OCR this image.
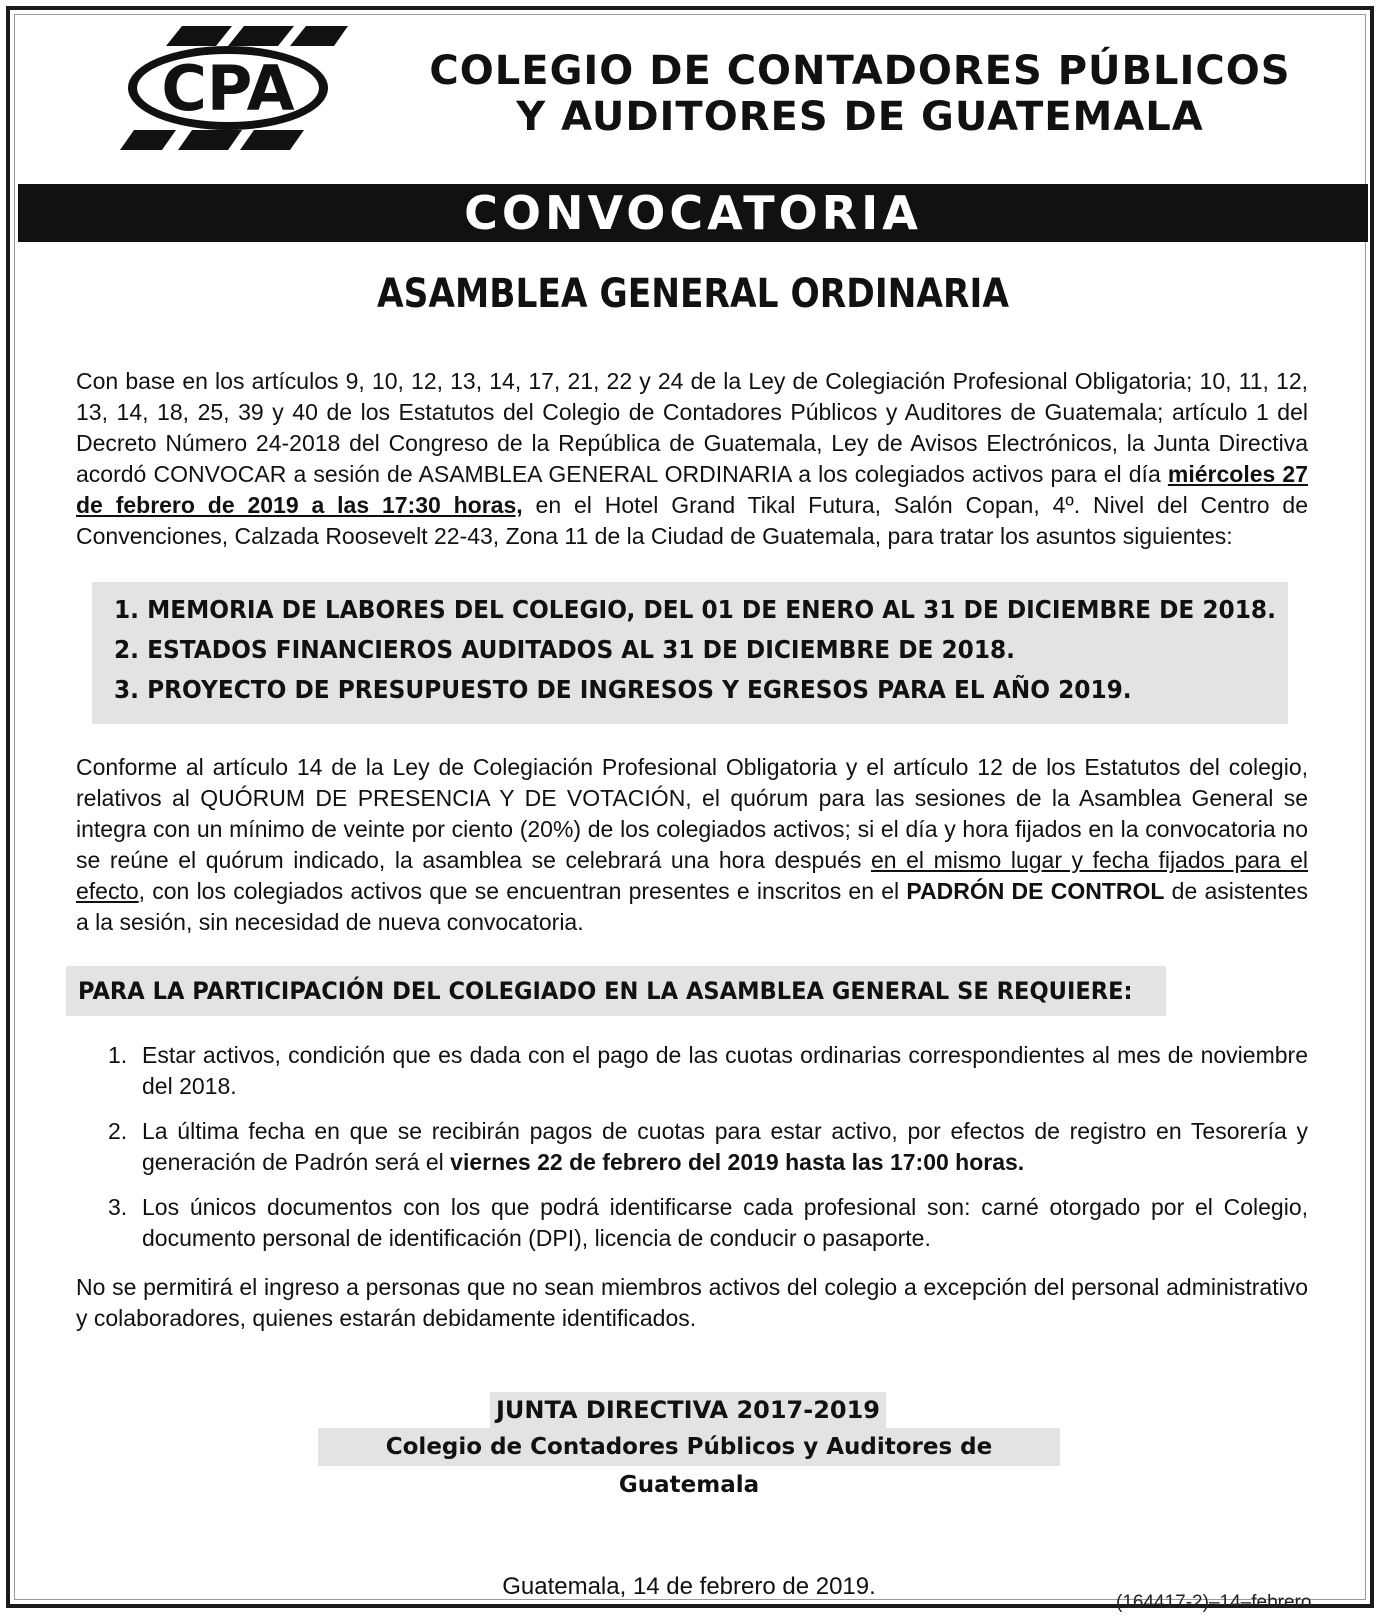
CPA	COLEGIO DE CONTADORES PÚBLICOS
Y AUDITORES DE GUATEMALA
CONVOCATORIA
ASAMBLEA GENERAL ORDINARIA

Con base en los artículos 9, 10, 12, 13, 14, 17, 21, 22 y 24 de la Ley de Colegiación Profesional Obligatoria; 10, 11, 12, 13, 14, 18, 25, 39 y 40 de los Estatutos del Colegio de Contadores Públicos y Auditores de Guatemala; artículo 1 del Decreto Número 24-2018 del Congreso de la República de Guatemala, Ley de Avisos Electrónicos, la Junta Directiva acordó CONVOCAR a sesión de ASAMBLEA GENERAL ORDINARIA a los colegiados activos para el día miércoles 27 de febrero de 2019 a las 17:30 horas, en el Hotel Grand Tikal Futura, Salón Copan, 4º. Nivel del Centro de Convenciones, Calzada Roosevelt 22-43, Zona 11 de la Ciudad de Guatemala, para tratar los asuntos siguientes:

1. MEMORIA DE LABORES DEL COLEGIO, DEL 01 DE ENERO AL 31 DE DICIEMBRE DE 2018.
2. ESTADOS FINANCIEROS AUDITADOS AL 31 DE DICIEMBRE DE 2018.
3. PROYECTO DE PRESUPUESTO DE INGRESOS Y EGRESOS PARA EL AÑO 2019.

Conforme al artículo 14 de la Ley de Colegiación Profesional Obligatoria y el artículo 12 de los Estatutos del colegio, relativos al QUÓRUM DE PRESENCIA Y DE VOTACIÓN, el quórum para las sesiones de la Asamblea General se integra con un mínimo de veinte por ciento (20%) de los colegiados activos; si el día y hora fijados en la convocatoria no se reúne el quórum indicado, la asamblea se celebrará una hora después en el mismo lugar y fecha fijados para el efecto, con los colegiados activos que se encuentran presentes e inscritos en el PADRÓN DE CONTROL de asistentes a la sesión, sin necesidad de nueva convocatoria.

PARA LA PARTICIPACIÓN DEL COLEGIADO EN LA ASAMBLEA GENERAL SE REQUIERE:
1. Estar activos, condición que es dada con el pago de las cuotas ordinarias correspondientes al mes de noviembre del 2018.
2. La última fecha en que se recibirán pagos de cuotas para estar activo, por efectos de registro en Tesorería y generación de Padrón será el viernes 22 de febrero del 2019 hasta las 17:00 horas.
3. Los únicos documentos con los que podrá identificarse cada profesional son: carné otorgado por el Colegio, documento personal de identificación (DPI), licencia de conducir o pasaporte.

No se permitirá el ingreso a personas que no sean miembros activos del colegio a excepción del personal administrativo y colaboradores, quienes estarán debidamente identificados.

JUNTA DIRECTIVA 2017-2019
Colegio de Contadores Públicos y Auditores de Guatemala
Guatemala, 14 de febrero de 2019.
(164417-2)–14–febrero
